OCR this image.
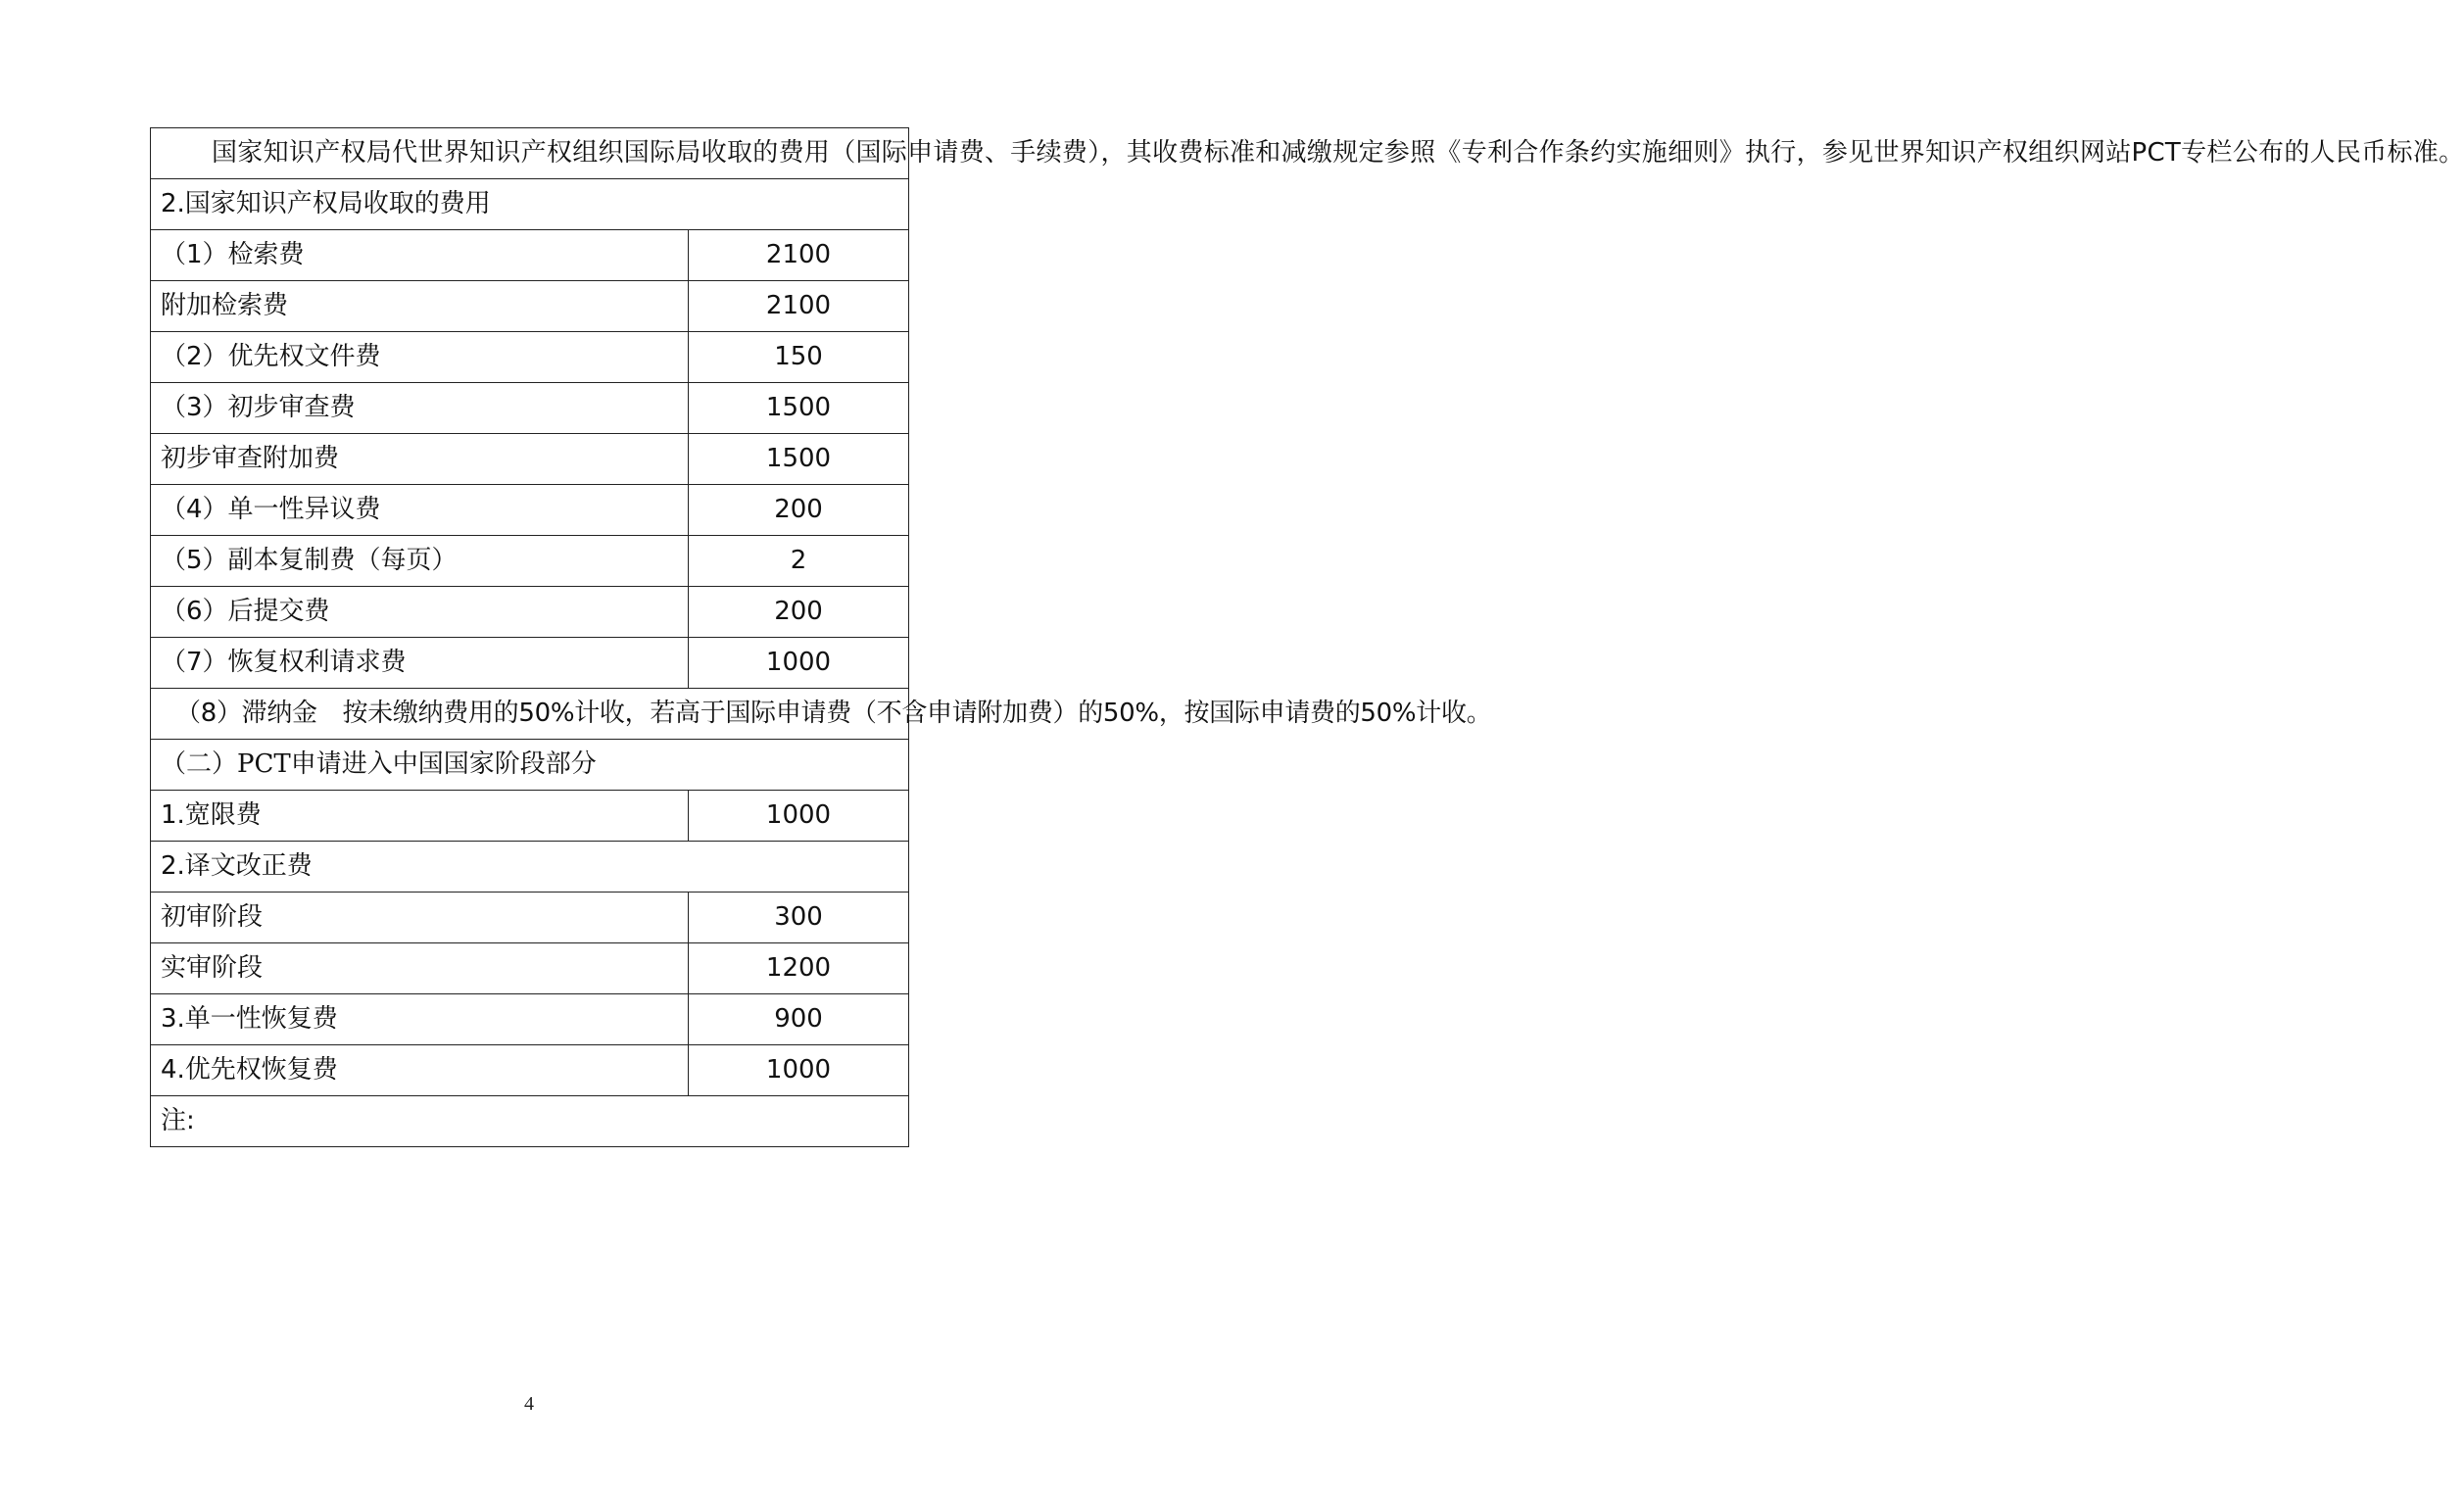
国家知识产权局代世界知识产权组织国际局收取的费用（国际申请费、手续费），其收费标准和减缴规定参照《专利合作条约实施细则》执行，参见世界知识产权组织网站PCT专栏公布的人民币标准。	
2.国家知识产权局收取的费用	
（1）检索费	2100
附加检索费	2100
（2）优先权文件费	150
（3）初步审查费	1500
初步审查附加费	1500
（4）单一性异议费	200
（5）副本复制费（每页）	2
（6）后提交费	200
（7）恢复权利请求费	1000
（8）滞纳金　按未缴纳费用的50%计收，若高于国际申请费（不含申请附加费）的50%，按国际申请费的50%计收。	
（二）PCT申请进入中国国家阶段部分	
1.宽限费	1000
2.译文改正费	
初审阶段	300
实审阶段	1200
3.单一性恢复费	900
4.优先权恢复费	1000
注:	
4
